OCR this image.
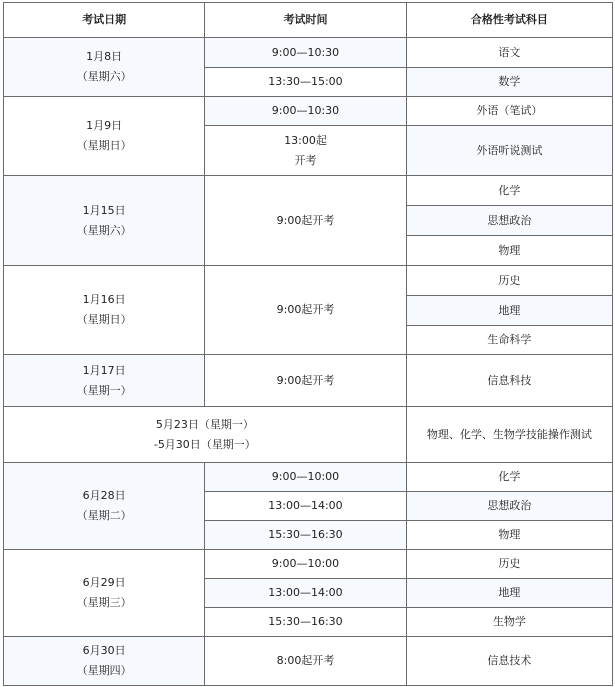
考试日期	考试时间	合格性考试科目

1月8日
（星期六）	9:00—10:30	语文
	13:30—15:00	数学

1月9日
（星期日）	9:00—10:30	外语（笔试）

	13:00起
开考	外语听说测试

1月15日
（星期六）	9:00起开考	化学
		思想政治
		物理

1月16日
（星期日）	9:00起开考	历史
		地理
		生命科学

1月17日
（星期一）	9:00起开考	信息科技

5月23日（星期一）
-5月30日（星期一）		物理、化学、生物学技能操作测试

6月28日
（星期二）	9:00—10:00	化学
	13:00—14:00	思想政治
	15:30—16:30	物理

6月29日
（星期三）	9:00—10:00	历史
	13:00—14:00	地理
	15:30—16:30	生物学

6月30日
（星期四）	8:00起开考	信息技术
